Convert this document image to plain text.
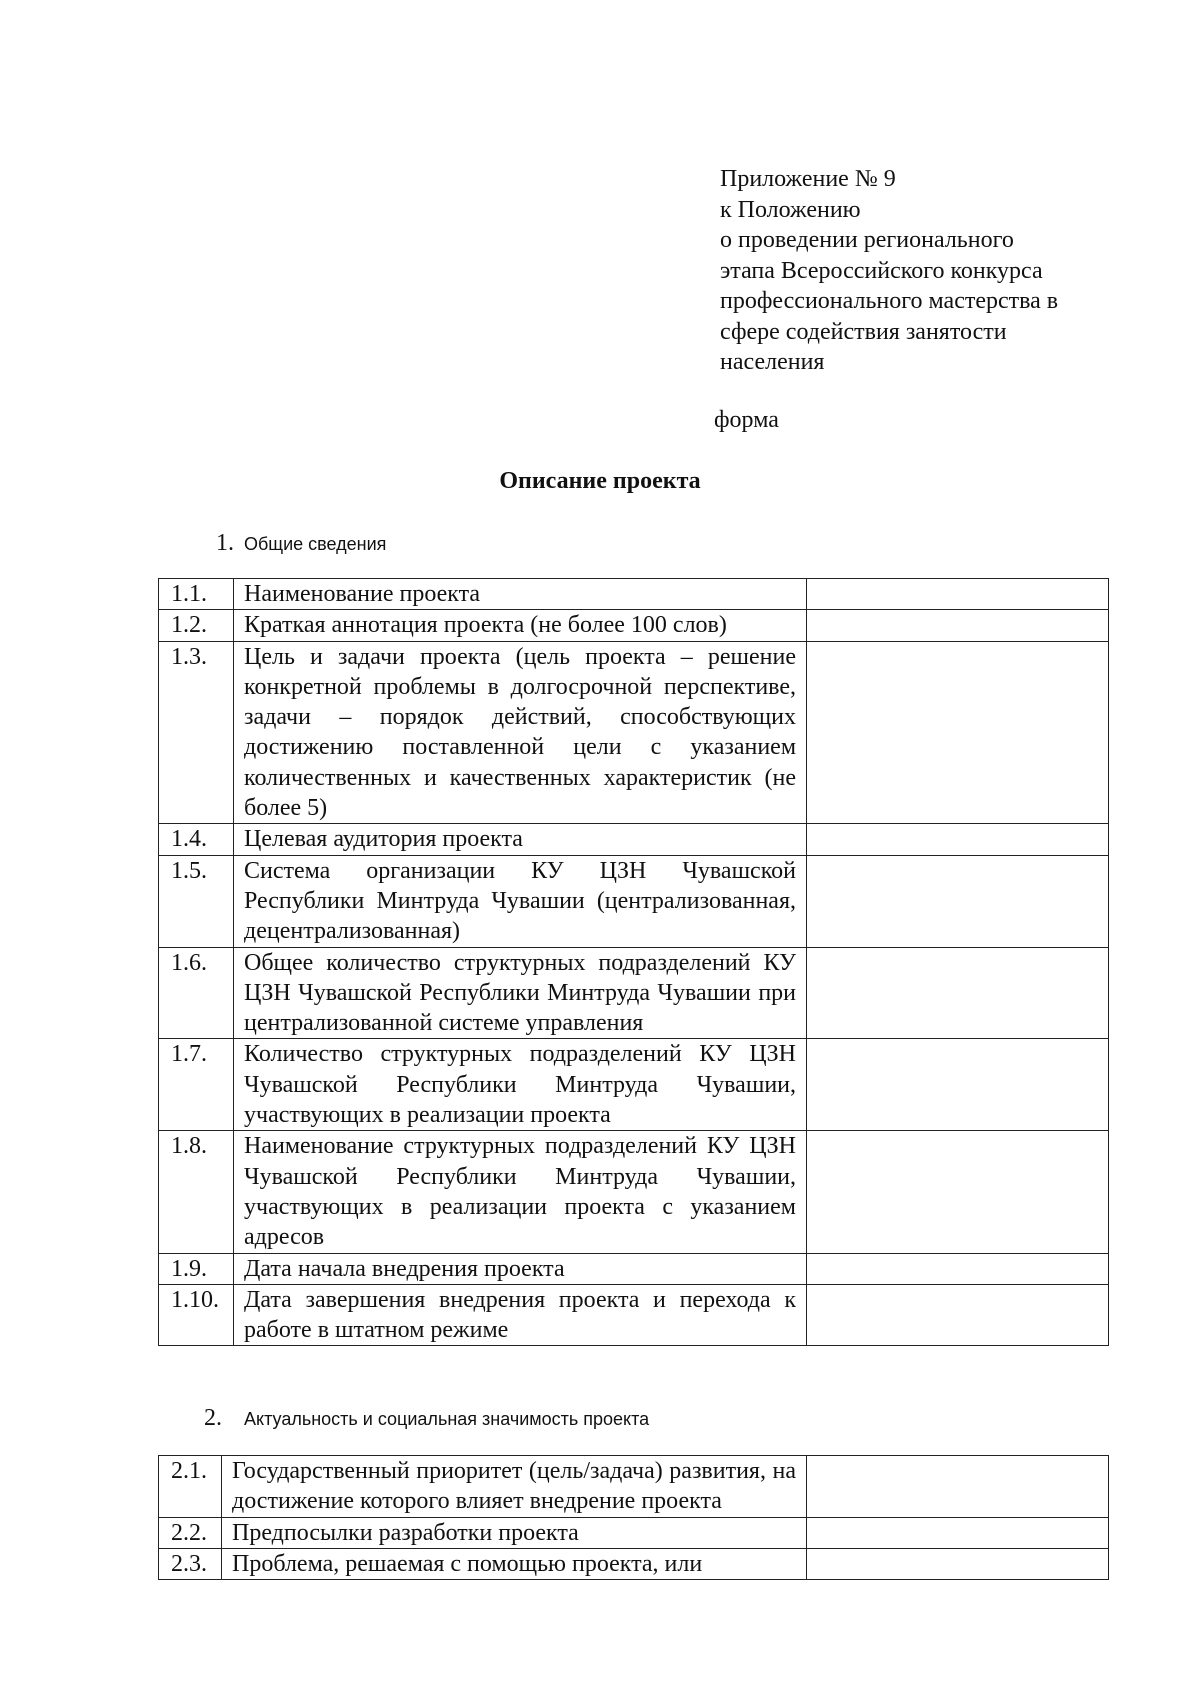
Приложение № 9
к Положению
о проведении регионального
этапа Всероссийского конкурса
профессионального мастерства в
сфере содействия занятости
населения
форма
Описание проекта
1. Общие сведения
1.1.	Наименование проекта	
1.2.	Краткая аннотация проекта (не более 100 слов)	
1.3.	Цель и задачи проекта (цель проекта – решение конкретной проблемы в долгосрочной перспективе, задачи – порядок действий, способствующих достижению поставленной цели с указанием количественных и качественных характеристик (не более 5)	
1.4.	Целевая аудитория проекта	
1.5.	Система организации КУ ЦЗН Чувашской Республики Минтруда Чувашии (централизованная, децентрализованная)	
1.6.	Общее количество структурных подразделений КУ ЦЗН Чувашской Республики Минтруда Чувашии при централизованной системе управления	
1.7.	Количество структурных подразделений КУ ЦЗН Чувашской Республики Минтруда Чувашии, участвующих в реализации проекта	
1.8.	Наименование структурных подразделений КУ ЦЗН Чувашской Республики Минтруда Чувашии, участвующих в реализации проекта с указанием адресов	
1.9.	Дата начала внедрения проекта	
1.10.	Дата завершения внедрения проекта и перехода к работе в штатном режиме	
2. Актуальность и социальная значимость проекта
2.1.	Государственный приоритет (цель/задача) развития, на достижение которого влияет внедрение проекта	
2.2.	Предпосылки разработки проекта	
2.3.	Проблема, решаемая с помощью проекта, или	
